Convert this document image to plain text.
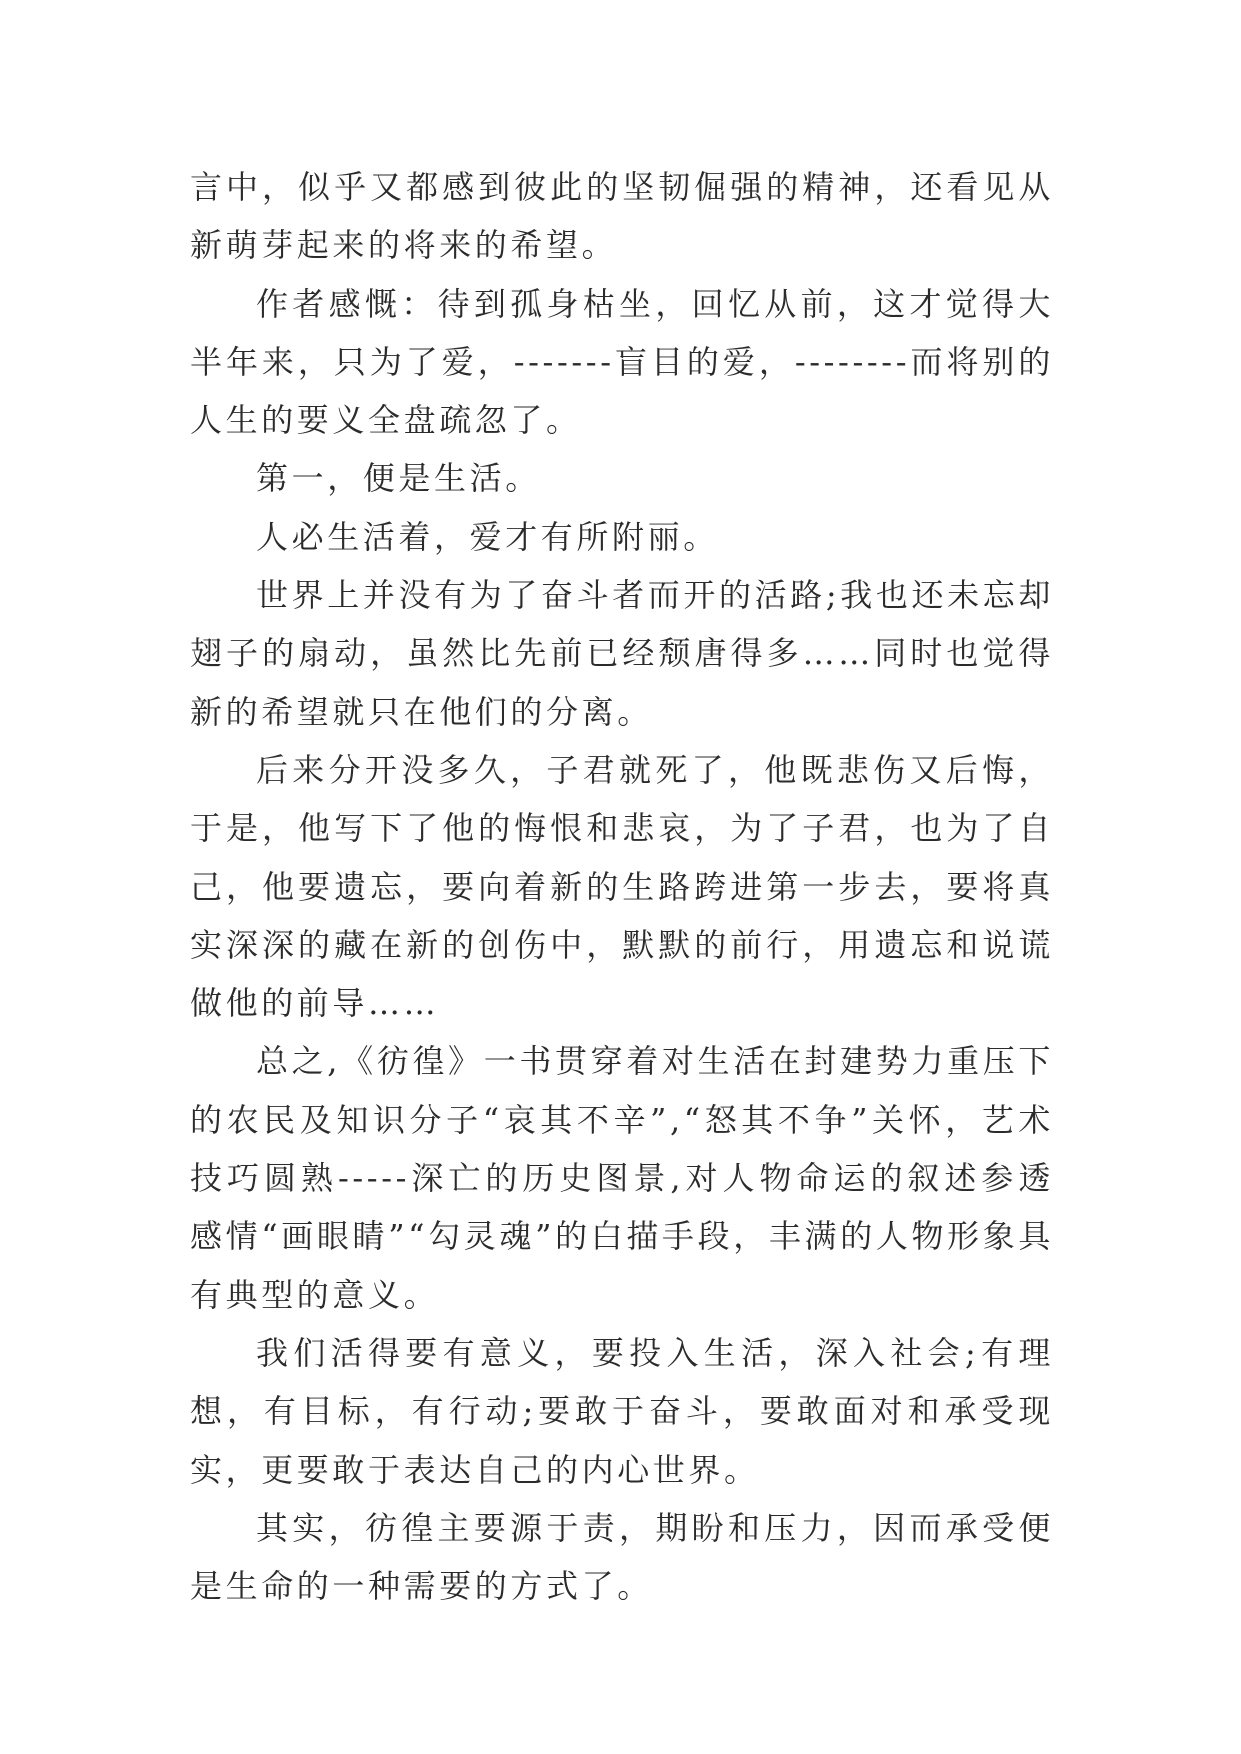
言中，似乎又都感到彼此的坚韧倔强的精神，还看见从新萌芽起来的将来的希望。

作者感慨：待到孤身枯坐，回忆从前，这才觉得大半年来，只为了爱，-------盲目的爱，--------而将别的人生的要义全盘疏忽了。

第一，便是生活。

人必生活着，爱才有所附丽。

世界上并没有为了奋斗者而开的活路;我也还未忘却翅子的扇动，虽然比先前已经颓唐得多……同时也觉得新的希望就只在他们的分离。

后来分开没多久，子君就死了，他既悲伤又后悔，于是，他写下了他的悔恨和悲哀，为了子君，也为了自己，他要遗忘，要向着新的生路跨进第一步去，要将真实深深的藏在新的创伤中，默默的前行，用遗忘和说谎做他的前导……

总之,《彷徨》一书贯穿着对生活在封建势力重压下的农民及知识分子“哀其不辛”,“怒其不争”关怀，艺术技巧圆熟-----深亡的历史图景,对人物命运的叙述参透感情“画眼睛”“勾灵魂”的白描手段，丰满的人物形象具有典型的意义。

我们活得要有意义，要投入生活，深入社会;有理想，有目标，有行动;要敢于奋斗，要敢面对和承受现实，更要敢于表达自己的内心世界。

其实，彷徨主要源于责，期盼和压力，因而承受便是生命的一种需要的方式了。
